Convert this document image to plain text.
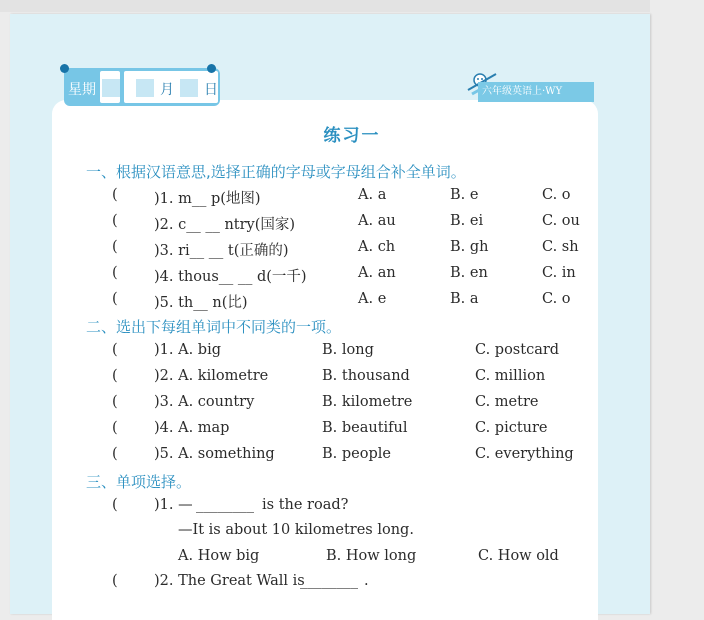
星期	月 日	六年级英语上·WY
练习一
一、根据汉语意思,选择正确的字母或字母组合补全单词。
(	)1. m__ p(地图)	A. a	B. e	C. o
(	)2. c__ __ ntry(国家)	A. au	B. ei	C. ou
(	)3. ri__ __ t(正确的)	A. ch	B. gh	C. sh
(	)4. thous__ __ d(一千)	A. an	B. en	C. in
(	)5. th__ n(比)	A. e	B. a	C. o
二、选出下每组单词中不同类的一项。
(	)1. A. big	B. long	C. postcard
(	)2. A. kilometre	B. thousand	C. million
(	)3. A. country	B. kilometre	C. metre
(	)4. A. map	B. beautiful	C. picture
(	)5. A. something	B. people	C. everything
三、单项选择。
(	)1. — ________ is the road?
—It is about 10 kilometres long.
A. How big	B. How long	C. How old
(	)2. The Great Wall is
________ .
